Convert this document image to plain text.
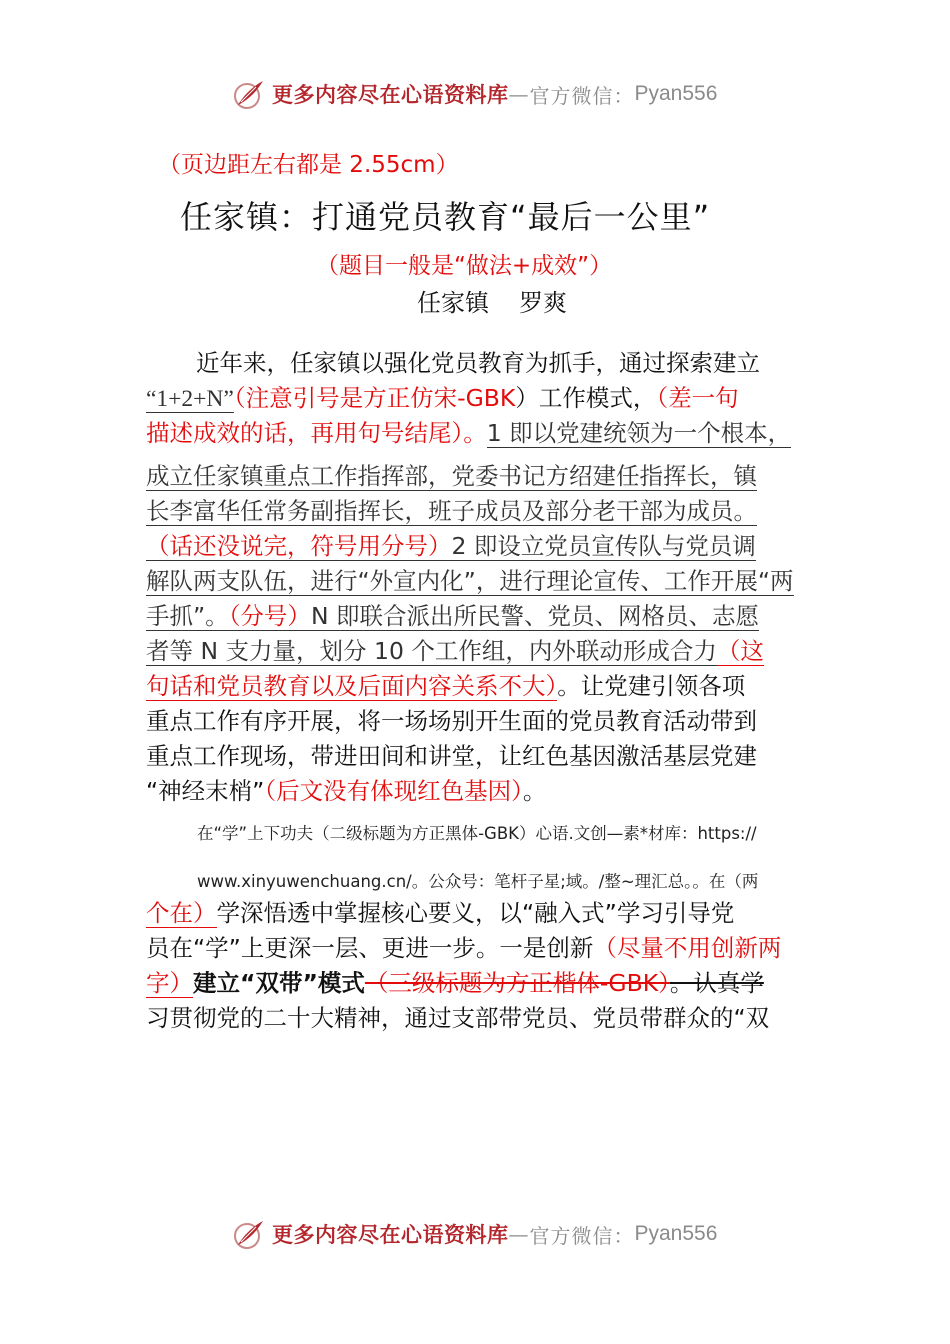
更多内容尽在心语资料库 — 官方微信： Pyan556
（页边距左右都是 2.55cm）
任家镇：打通党员教育“最后一公里”
（题目一般是“做法+成效”）
任家镇 罗爽
近年来，任家镇以强化党员教育为抓手，通过探索建立
“1+2+N”（注意引号是方正仿宋-GBK）工作模式，（差一句
描述成效的话，再用句号结尾）。1 即以党建统领为一个根本，
成立任家镇重点工作指挥部，党委书记方绍建任指挥长，镇
长李富华任常务副指挥长，班子成员及部分老干部为成员。
（话还没说完，符号用分号）2 即设立党员宣传队与党员调
解队两支队伍，进行“外宣内化”，进行理论宣传、工作开展“两
手抓”。（分号）N 即联合派出所民警、党员、网格员、志愿
者等 N 支力量，划分 10 个工作组，内外联动形成合力（这
句话和党员教育以及后面内容关系不大）。让党建引领各项
重点工作有序开展，将一场场别开生面的党员教育活动带到
重点工作现场，带进田间和讲堂，让红色基因激活基层党建
“神经末梢”（后文没有体现红色基因）。
在“学”上下功夫（二级标题为方正黑体-GBK）心语.文创—素*材库：https://
www.xinyuwenchuang.cn/。公众号：笔杆子星;域。/整~理汇总。。在（两
个在）学深悟透中掌握核心要义，以“融入式”学习引导党
员在“学”上更深一层、更进一步。一是创新（尽量不用创新两
字）建立“双带”模式（三级标题为方正楷体-GBK）。认真学
习贯彻党的二十大精神，通过支部带党员、党员带群众的“双
更多内容尽在心语资料库 — 官方微信： Pyan556
